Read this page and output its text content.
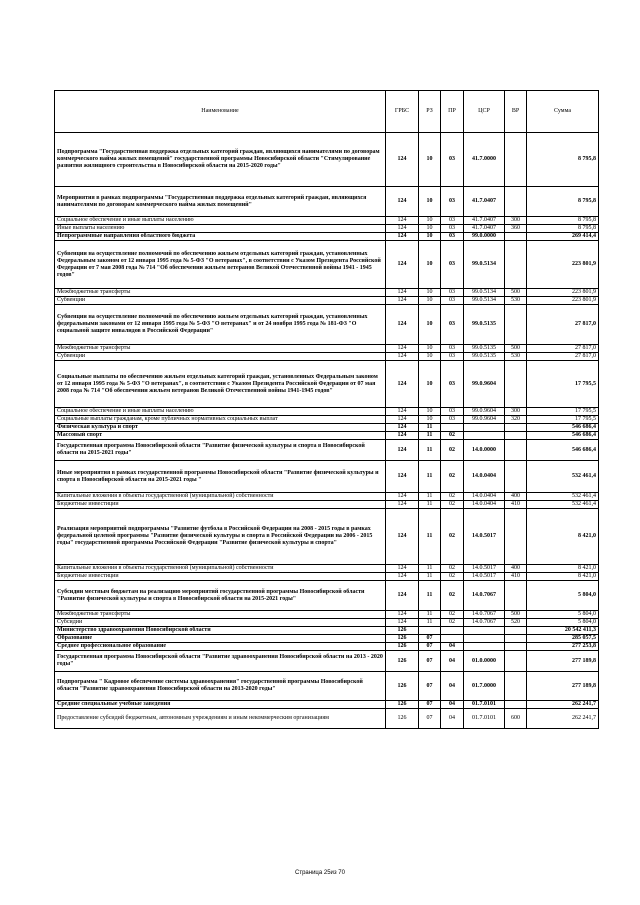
Наименование	ГРБС	РЗ	ПР	ЦСР	ВР	Сумма
Подпрограмма "Государственная поддержка отдельных категорий граждан, являющихся нанимателями по договорам коммерческого найма жилых помещений" государственной программы Новосибирской области "Стимулирование развития жилищного строительства в Новосибирской области на 2015-2020 годы"	124	10	03	41.7.0000		8 795,8
Мероприятия в рамках подпрограммы "Государственная поддержка отдельных категорий граждан, являющихся нанимателями по договорам коммерческого найма жилых помещений"	124	10	03	41.7.0407		8 795,8
Социальное обеспечение и иные выплаты населению	124	10	03	41.7.0407	300	8 795,8
Иные выплаты населению	124	10	03	41.7.0407	360	8 795,8
Непрограммные направления областного бюджета	124	10	03	99.0.0000		269 414,4
Субвенции на осуществление полномочий по обеспечению жильем отдельных категорий граждан, установленных Федеральным законом от 12 января 1995 года № 5-ФЗ "О ветеранах", в соответствии с Указом Президента Российской Федерации от 7 мая 2008 года № 714 "Об обеспечении жильем ветеранов Великой Отечественной войны 1941 - 1945 годов"	124	10	03	99.0.5134		223 801,9
Межбюджетные трансферты	124	10	03	99.0.5134	500	223 801,9
Субвенции	124	10	03	99.0.5134	530	223 801,9
Субвенции на осуществление полномочий по обеспечению жильем отдельных категорий граждан, установленных федеральными законами от 12 января 1995 года № 5-ФЗ "О ветеранах" и от 24 ноября 1995 года № 181-ФЗ "О социальной защите инвалидов в Российской Федерации"	124	10	03	99.0.5135		27 817,0
Межбюджетные трансферты	124	10	03	99.0.5135	500	27 817,0
Субвенции	124	10	03	99.0.5135	530	27 817,0
Социальные выплаты по обеспечению жильем отдельных категорий граждан, установленных Федеральным законом от 12 января 1995 года № 5-ФЗ "О ветеранах", в соответствии с Указом Президента Российской Федерации от 07 мая 2008 года № 714 "Об обеспечении жильем ветеранов Великой Отечественной войны 1941-1945 годов"	124	10	03	99.0.9604		17 795,5
Социальное обеспечение и иные выплаты населению	124	10	03	99.0.9604	300	17 795,5
Социальные выплаты гражданам, кроме публичных нормативных социальных выплат	124	10	03	99.0.9604	320	17 795,5
Физическая культура и спорт	124	11				546 686,4
Массовый спорт	124	11	02			546 686,4
Государственная программа Новосибирской области "Развитие физической культуры и спорта в Новосибирской области на 2015-2021 годы"	124	11	02	14.0.0000		546 686,4
Иные мероприятия в рамках государственной программы Новосибирской области "Развитие физической культуры и спорта в Новосибирской области на 2015-2021 годы "	124	11	02	14.0.0404		532 461,4
Капитальные вложения в объекты государственной (муниципальной) собственности	124	11	02	14.0.0404	400	532 461,4
Бюджетные инвестиции	124	11	02	14.0.0404	410	532 461,4
Реализация мероприятий подпрограммы "Развитие футбола в Российской Федерации на 2008 - 2015 годы в рамках федеральной целевой программы "Развитие физической культуры и спорта в Российской Федерации на 2006 - 2015 годы" государственной программы Российской Федерации "Развитие физической культуры и спорта"	124	11	02	14.0.5017		8 421,0
Капитальные вложения в объекты государственной (муниципальной) собственности	124	11	02	14.0.5017	400	8 421,0
Бюджетные инвестиции	124	11	02	14.0.5017	410	8 421,0
Субсидии местным бюджетам на реализацию мероприятий государственной программы Новосибирской области "Развитие физической культуры и спорта в Новосибирской области на 2015-2021 годы"	124	11	02	14.0.7067		5 804,0
Межбюджетные трансферты	124	11	02	14.0.7067	500	5 804,0
Субсидии	124	11	02	14.0.7067	520	5 804,0
Министерство здравоохранения Новосибирской области	126					20 542 411,3
Образование	126	07				285 057,5
Среднее профессиональное образование	126	07	04			277 253,8
Государственная программа Новосибирской области "Развитие здравоохранения Новосибирской области на 2013 - 2020 годы"	126	07	04	01.0.0000		277 189,8
Подпрограмма " Кадровое обеспечение системы здравоохранения" государственной программы Новосибирской области "Развитие здравоохранения Новосибирской области на 2013-2020 годы"	126	07	04	01.7.0000		277 189,8
Средние специальные учебные заведения	126	07	04	01.7.0101		262 241,7
Предоставление субсидий бюджетным, автономным учреждениям и иным некоммерческим организациям	126	07	04	01.7.0101	600	262 241,7
Страница 25из 70
